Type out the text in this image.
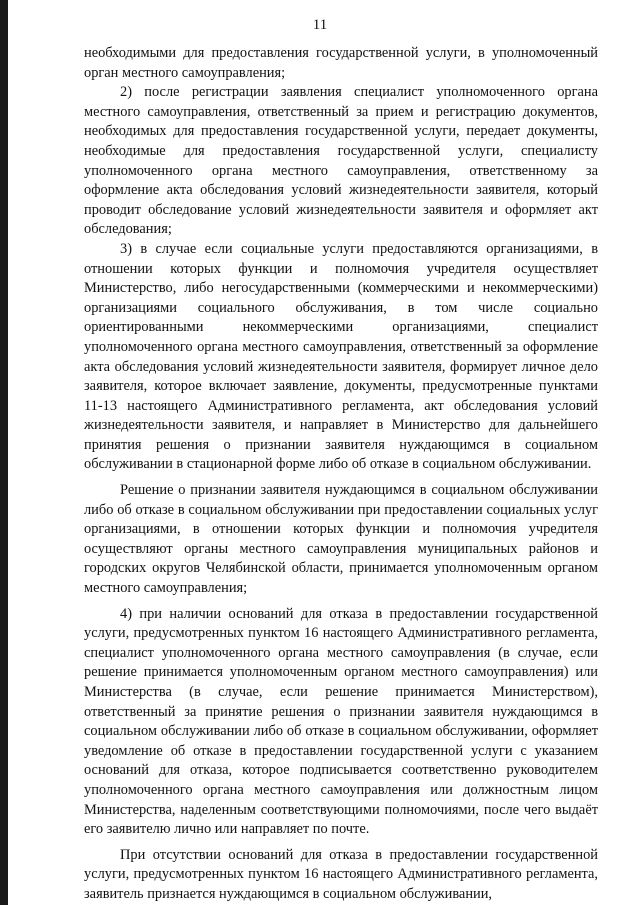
11

необходимыми для предоставления государственной услуги, в уполномоченный орган местного самоуправления;

2) после регистрации заявления специалист уполномоченного органа местного самоуправления, ответственный за прием и регистрацию документов, необходимых для предоставления государственной услуги, передает документы, необходимые для предоставления государственной услуги, специалисту уполномоченного органа местного самоуправления, ответственному за оформление акта обследования условий жизнедеятельности заявителя, который проводит обследование условий жизнедеятельности заявителя и оформляет акт обследования;

3) в случае если социальные услуги предоставляются организациями, в отношении которых функции и полномочия учредителя осуществляет Министерство, либо негосударственными (коммерческими и некоммерческими) организациями социального обслуживания, в том числе социально ориентированными некоммерческими организациями, специалист уполномоченного органа местного самоуправления, ответственный за оформление акта обследования условий жизнедеятельности заявителя, формирует личное дело заявителя, которое включает заявление, документы, предусмотренные пунктами 11-13 настоящего Административного регламента, акт обследования условий жизнедеятельности заявителя, и направляет в Министерство для дальнейшего принятия решения о признании заявителя нуждающимся в социальном обслуживании в стационарной форме либо об отказе в социальном обслуживании.

Решение о признании заявителя нуждающимся в социальном обслуживании либо об отказе в социальном обслуживании при предоставлении социальных услуг организациями, в отношении которых функции и полномочия учредителя осуществляют органы местного самоуправления муниципальных районов и городских округов Челябинской области, принимается уполномоченным органом местного самоуправления;

4) при наличии оснований для отказа в предоставлении государственной услуги, предусмотренных пунктом 16 настоящего Административного регламента, специалист уполномоченного органа местного самоуправления (в случае, если решение принимается уполномоченным органом местного самоуправления) или Министерства (в случае, если решение принимается Министерством), ответственный за принятие решения о признании заявителя нуждающимся в социальном обслуживании либо об отказе в социальном обслуживании, оформляет уведомление об отказе в предоставлении государственной услуги с указанием оснований для отказа, которое подписывается соответственно руководителем уполномоченного органа местного самоуправления или должностным лицом Министерства, наделенным соответствующими полномочиями, после чего выдаёт его заявителю лично или направляет по почте.

При отсутствии оснований для отказа в предоставлении государственной услуги, предусмотренных пунктом 16 настоящего Административного регламента, заявитель признается нуждающимся в социальном обслуживании,
